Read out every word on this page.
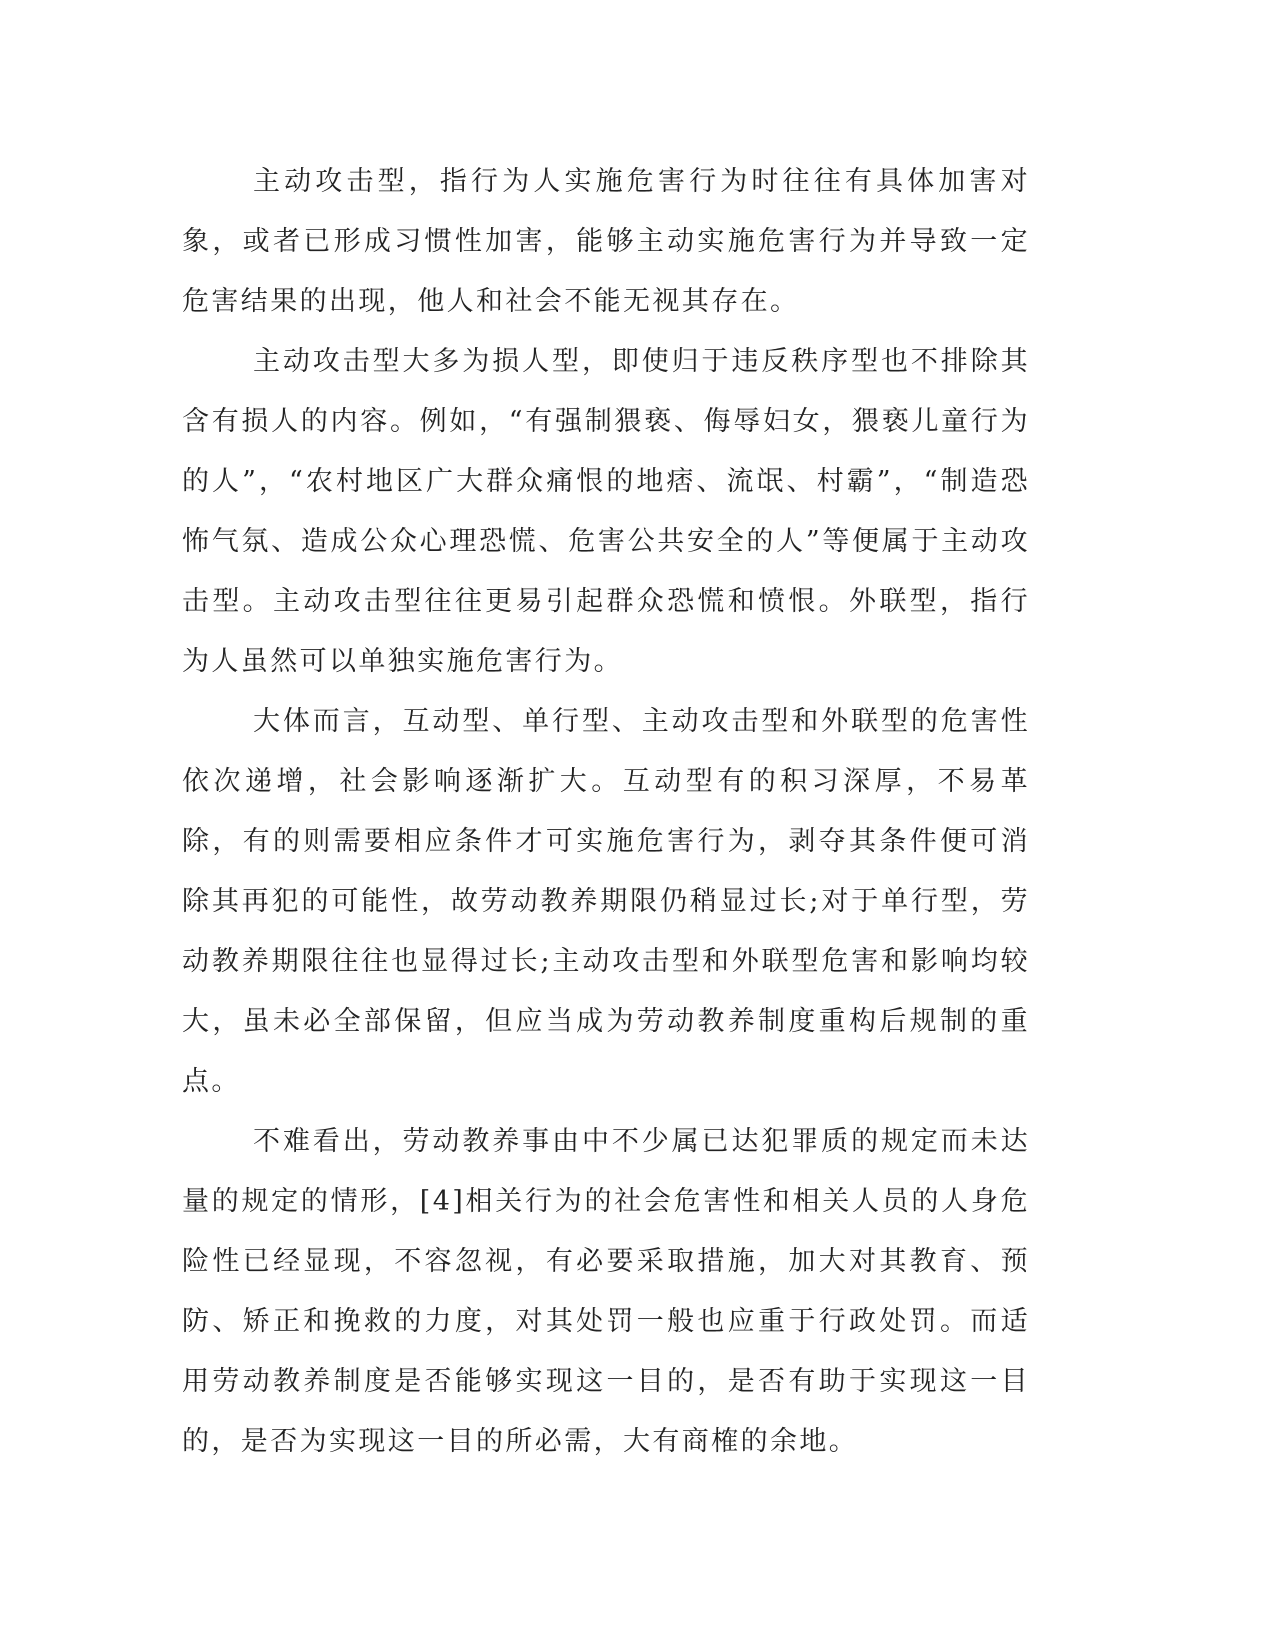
主动攻击型，指行为人实施危害行为时往往有具体加害对象，或者已形成习惯性加害，能够主动实施危害行为并导致一定危害结果的出现，他人和社会不能无视其存在。

主动攻击型大多为损人型，即使归于违反秩序型也不排除其含有损人的内容。例如，“有强制猥亵、侮辱妇女，猥亵儿童行为的人”，“农村地区广大群众痛恨的地痞、流氓、村霸”，“制造恐怖气氛、造成公众心理恐慌、危害公共安全的人”等便属于主动攻击型。主动攻击型往往更易引起群众恐慌和愤恨。外联型，指行为人虽然可以单独实施危害行为。

大体而言，互动型、单行型、主动攻击型和外联型的危害性依次递增，社会影响逐渐扩大。互动型有的积习深厚，不易革除，有的则需要相应条件才可实施危害行为，剥夺其条件便可消除其再犯的可能性，故劳动教养期限仍稍显过长;对于单行型，劳动教养期限往往也显得过长;主动攻击型和外联型危害和影响均较大，虽未必全部保留，但应当成为劳动教养制度重构后规制的重点。

不难看出，劳动教养事由中不少属已达犯罪质的规定而未达量的规定的情形，[4]相关行为的社会危害性和相关人员的人身危险性已经显现，不容忽视，有必要采取措施，加大对其教育、预防、矫正和挽救的力度，对其处罚一般也应重于行政处罚。而适用劳动教养制度是否能够实现这一目的，是否有助于实现这一目的，是否为实现这一目的所必需，大有商榷的余地。
